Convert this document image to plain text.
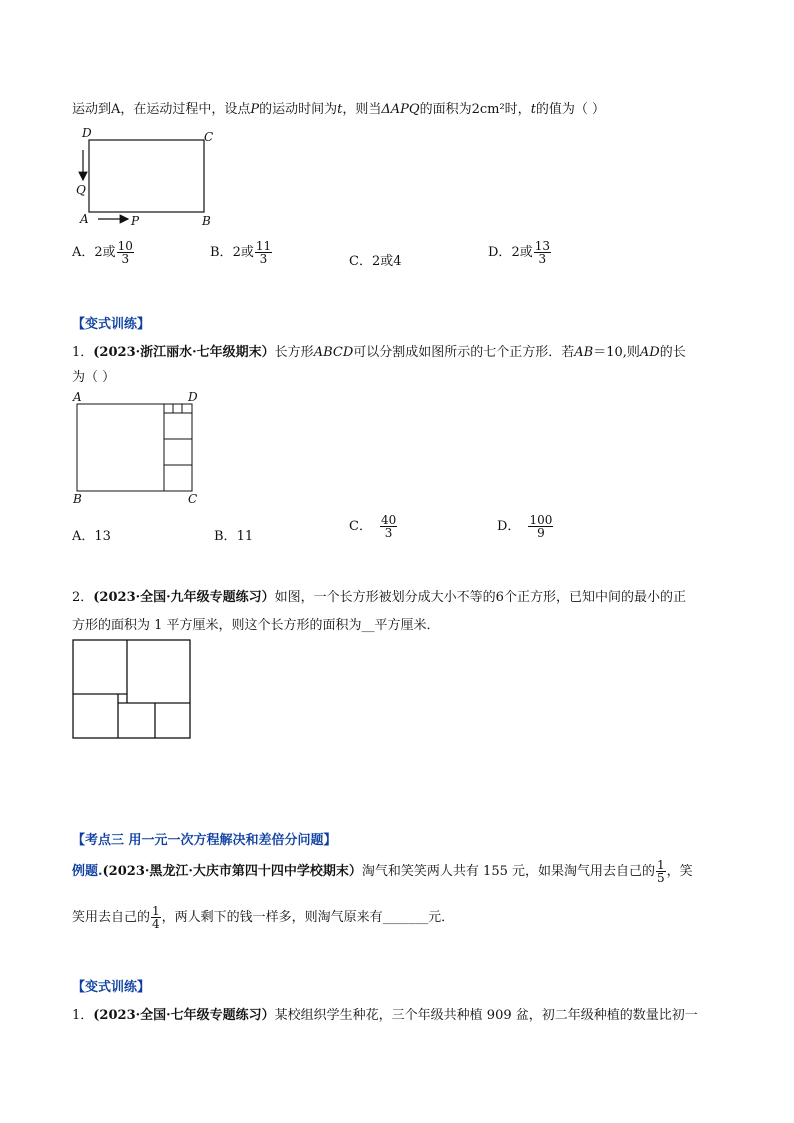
运动到A，在运动过程中，设点P的运动时间为t，则当ΔAPQ的面积为2cm²时，t的值为（ ）
D	C
Q
A	P	B
A．2或 $\frac{10}{3}$	B．2或 $\frac{11}{3}$	C．2或4
D．2或 $\frac{13}{3}$
【变式训练】
1．(2023·浙江丽水·七年级期末）长方形ABCD可以分割成如图所示的七个正方形．若AB＝10,则AD的长
为（ ）
A	D
B	C
A．13	B．11
C． $\frac{40}{3}$	D． $\frac{100}{9}$
2．(2023·全国·九年级专题练习）如图，一个长方形被划分成大小不等的6个正方形，已知中间的最小的正
方形的面积为 1 平方厘米，则这个长方形的面积为__平方厘米．
【考点三 用一元一次方程解决和差倍分问题】
例题.(2023·黑龙江·大庆市第四十四中学校期末）淘气和笑笑两人共有 155 元，如果淘气用去自己的 $\frac{1}{5}$ ，笑
笑用去自己的 $\frac{1}{4}$ ，两人剩下的钱一样多，则淘气原来有_______元．
【变式训练】
1．(2023·全国·七年级专题练习）某校组织学生种花，三个年级共种植 909 盆，初二年级种植的数量比初一
